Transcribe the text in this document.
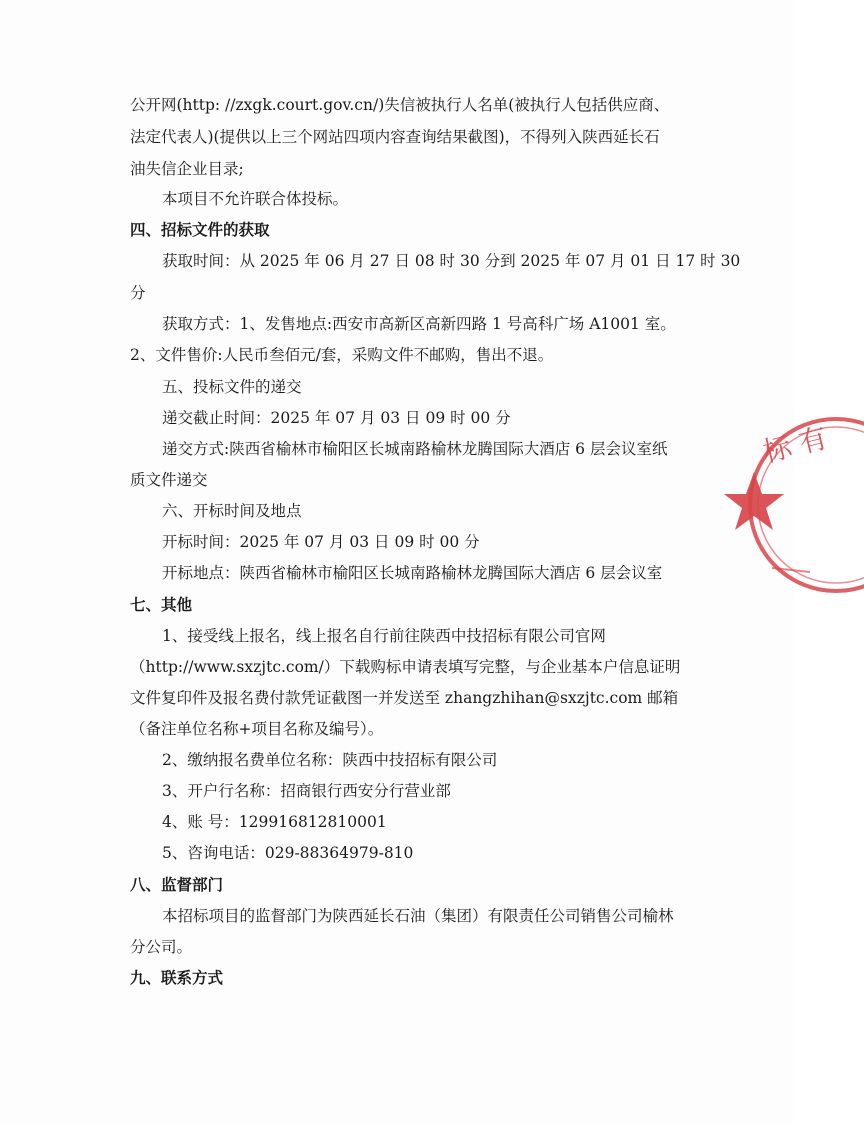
公开网(http: //zxgk.court.gov.cn/)失信被执行人名单(被执行人包括供应商、
法定代表人)(提供以上三个网站四项内容查询结果截图)，不得列入陕西延长石
油失信企业目录;
本项目不允许联合体投标。
四、招标文件的获取
获取时间：从 2025 年 06 月 27 日 08 时 30 分到 2025 年 07 月 01 日 17 时 30
分
获取方式：1、发售地点:西安市高新区高新四路 1 号高科广场 A1001 室。
2、文件售价:人民币叁佰元/套，采购文件不邮购，售出不退。
五、投标文件的递交
递交截止时间：2025 年 07 月 03 日 09 时 00 分
递交方式:陕西省榆林市榆阳区长城南路榆林龙腾国际大酒店 6 层会议室纸
质文件递交
六、开标时间及地点
开标时间：2025 年 07 月 03 日 09 时 00 分
开标地点：陕西省榆林市榆阳区长城南路榆林龙腾国际大酒店 6 层会议室
七、其他
1、接受线上报名，线上报名自行前往陕西中技招标有限公司官网
（http://www.sxzjtc.com/）下载购标申请表填写完整，与企业基本户信息证明
文件复印件及报名费付款凭证截图一并发送至 zhangzhihan@sxzjtc.com 邮箱
（备注单位名称+项目名称及编号）。
2、缴纳报名费单位名称：陕西中技招标有限公司
3、开户行名称：招商银行西安分行营业部
4、账 号：129916812810001
5、咨询电话：029-88364979-810
八、监督部门
本招标项目的监督部门为陕西延长石油（集团）有限责任公司销售公司榆林
分公司。
九、联系方式
标 有
